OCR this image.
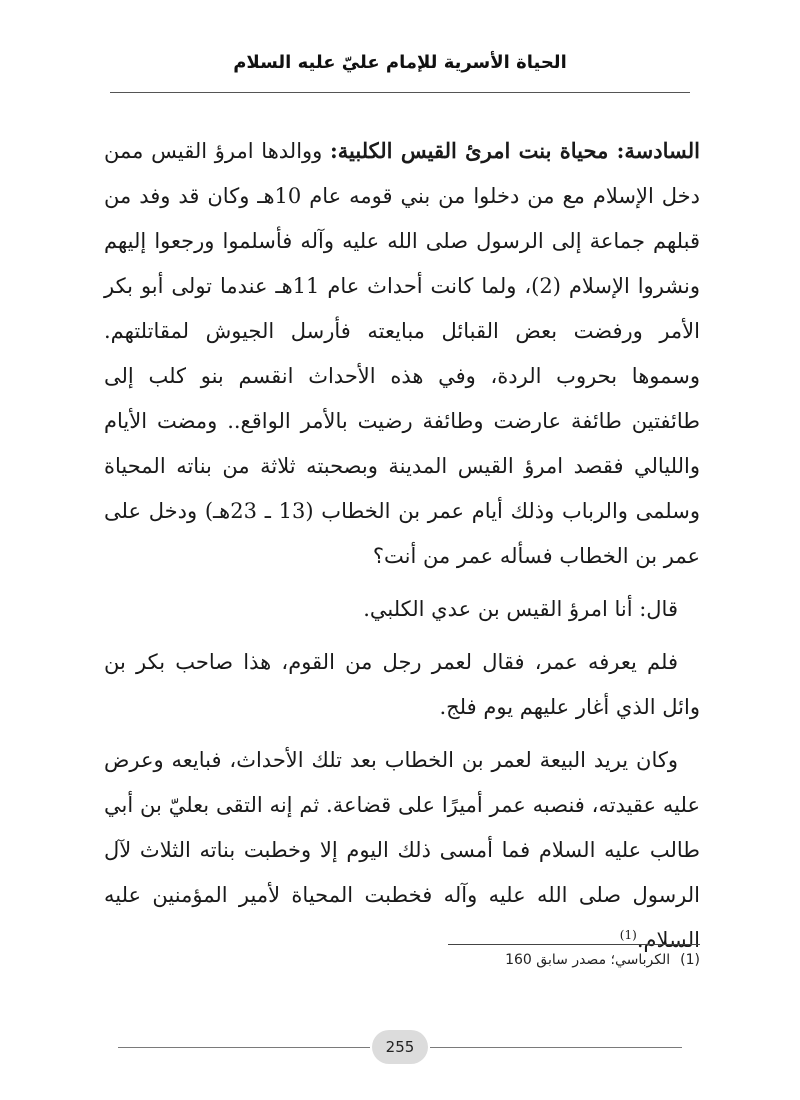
الحياة الأسرية للإمام عليّ عليه السلام

السادسة: محياة بنت امرئ القيس الكلبية: ووالدها امرؤ القيس ممن دخل الإسلام مع من دخلوا من بني قومه عام 10هـ وكان قد وفد من قبلهم جماعة إلى الرسول صلى الله عليه وآله فأسلموا ورجعوا إليهم ونشروا الإسلام (2)، ولما كانت أحداث عام 11هـ عندما تولى أبو بكر الأمر ورفضت بعض القبائل مبايعته فأرسل الجيوش لمقاتلتهم. وسموها بحروب الردة، وفي هذه الأحداث انقسم بنو كلب إلى طائفتين طائفة عارضت وطائفة رضيت بالأمر الواقع.. ومضت الأيام والليالي فقصد امرؤ القيس المدينة وبصحبته ثلاثة من بناته المحياة وسلمى والرباب وذلك أيام عمر بن الخطاب (13 ـ 23هـ) ودخل على عمر بن الخطاب فسأله عمر من أنت؟

قال: أنا امرؤ القيس بن عدي الكلبي.

فلم يعرفه عمر، فقال لعمر رجل من القوم، هذا صاحب بكر بن وائل الذي أغار عليهم يوم فلج.

وكان يريد البيعة لعمر بن الخطاب بعد تلك الأحداث، فبايعه وعرض عليه عقيدته، فنصبه عمر أميرًا على قضاعة. ثم إنه التقى بعليّ بن أبي طالب عليه السلام فما أمسى ذلك اليوم إلا وخطبت بناته الثلاث لآل الرسول صلى الله عليه وآله فخطبت المحياة لأمير المؤمنين عليه السلام.$^{(1)}$

(1)الكرباسي؛ مصدر سابق 160
255
